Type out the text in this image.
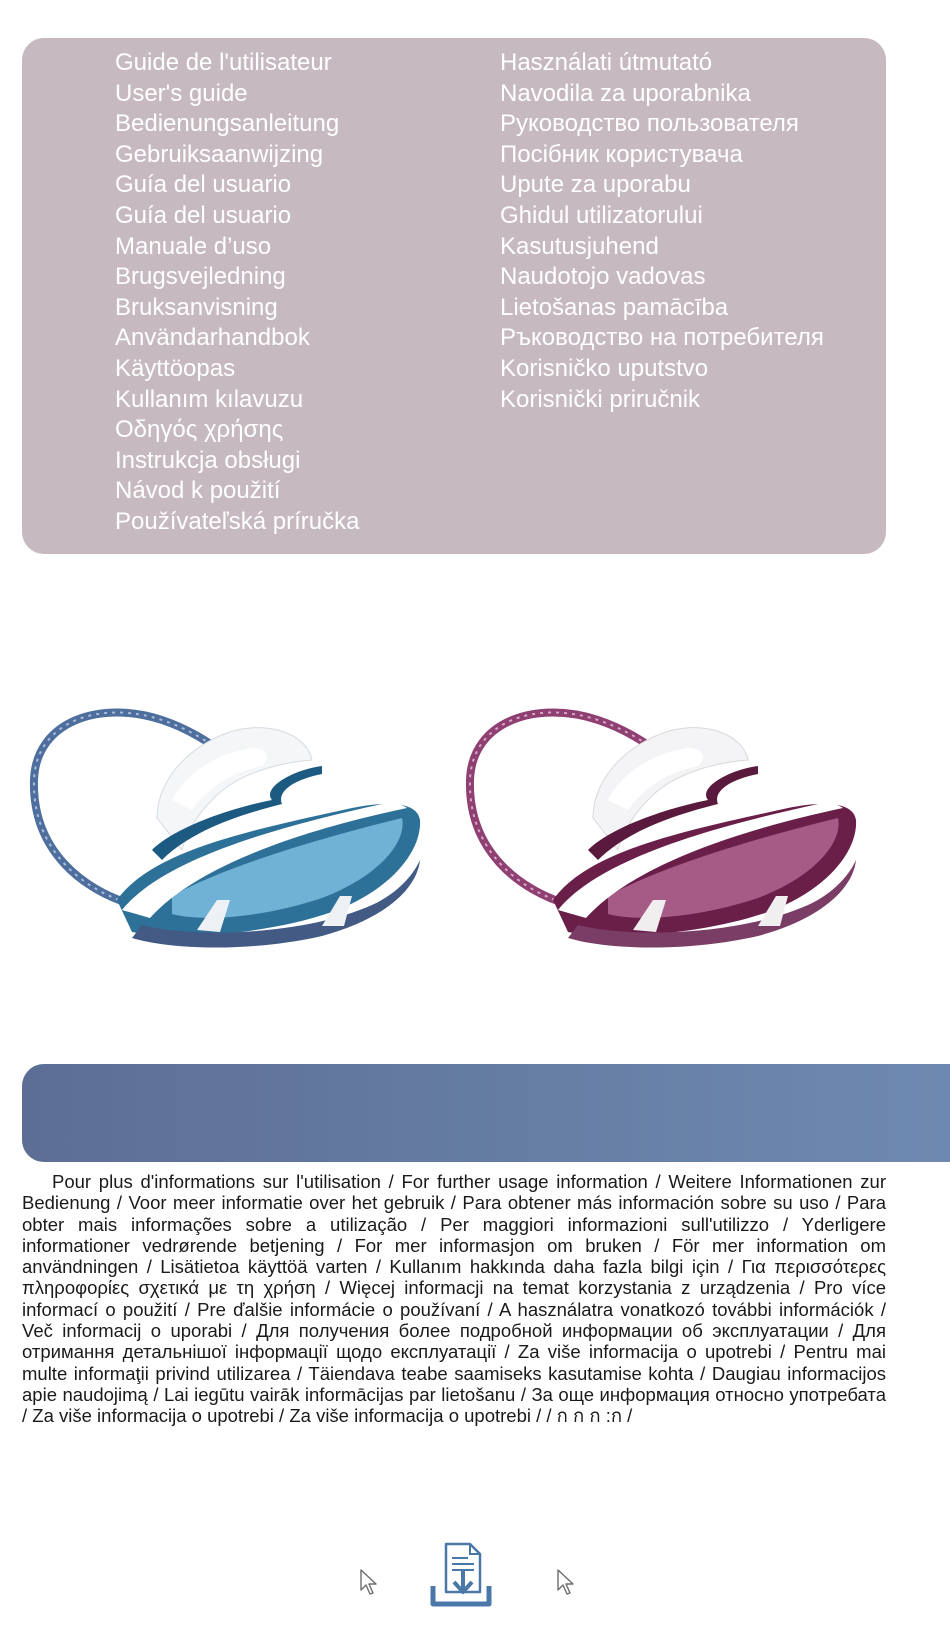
Guide de l'utilisateur
User's guide
Bedienungsanleitung
Gebruiksaanwijzing
Guía del usuario
Guía del usuario
Manuale d’uso
Brugsvejledning
Bruksanvisning
Användarhandbok
Käyttöopas
Kullanım kılavuzu
Οδηγός χρήσης
Instrukcja obsługi
Návod k použití
Používateľská príručka
Használati útmutató
Navodila za uporabnika
Руководство пользователя
Посібник користувача
Upute za uporabu
Ghidul utilizatorului
Kasutusjuhend
Naudotojo vadovas
Lietošanas pamācība
Ръководство на потребителя
Korisničko uputstvo
Korisnički priručnik
Pour plus d'informations sur l'utilisation / For further usage information / Weitere Informationen zur Bedienung / Voor meer informatie over het gebruik / Para obtener más información sobre su uso / Para obter mais informações sobre a utilização / Per maggiori informazioni sull'utilizzo / Yderligere informationer vedrørende betjening / For mer informasjon om bruken / För mer information om användningen / Lisätietoa käyttöä varten / Kullanım hakkında daha fazla bilgi için / Για περισσότερες πληροφορίες σχετικά με τη χρήση / Więcej informacji na temat korzystania z urządzenia / Pro více informací o použití / Pre ďalšie informácie o používaní / A használatra vonatkozó további információk / Več informacij o uporabi / Для получения более подробной информации об эксплуатации / Для отримання детальнішої інформації щодо експлуатації / Za više informacija o upotrebi / Pentru mai multe informaţii privind utilizarea / Täiendava teabe saamiseks kasutamise kohta / Daugiau informacijos apie naudojimą / Lai iegūtu vairāk informācijas par lietošanu / За още информация относно употребата / Za više informacija o upotrebi / Za više informacija o upotrebi / / ก ก ก :ก /
